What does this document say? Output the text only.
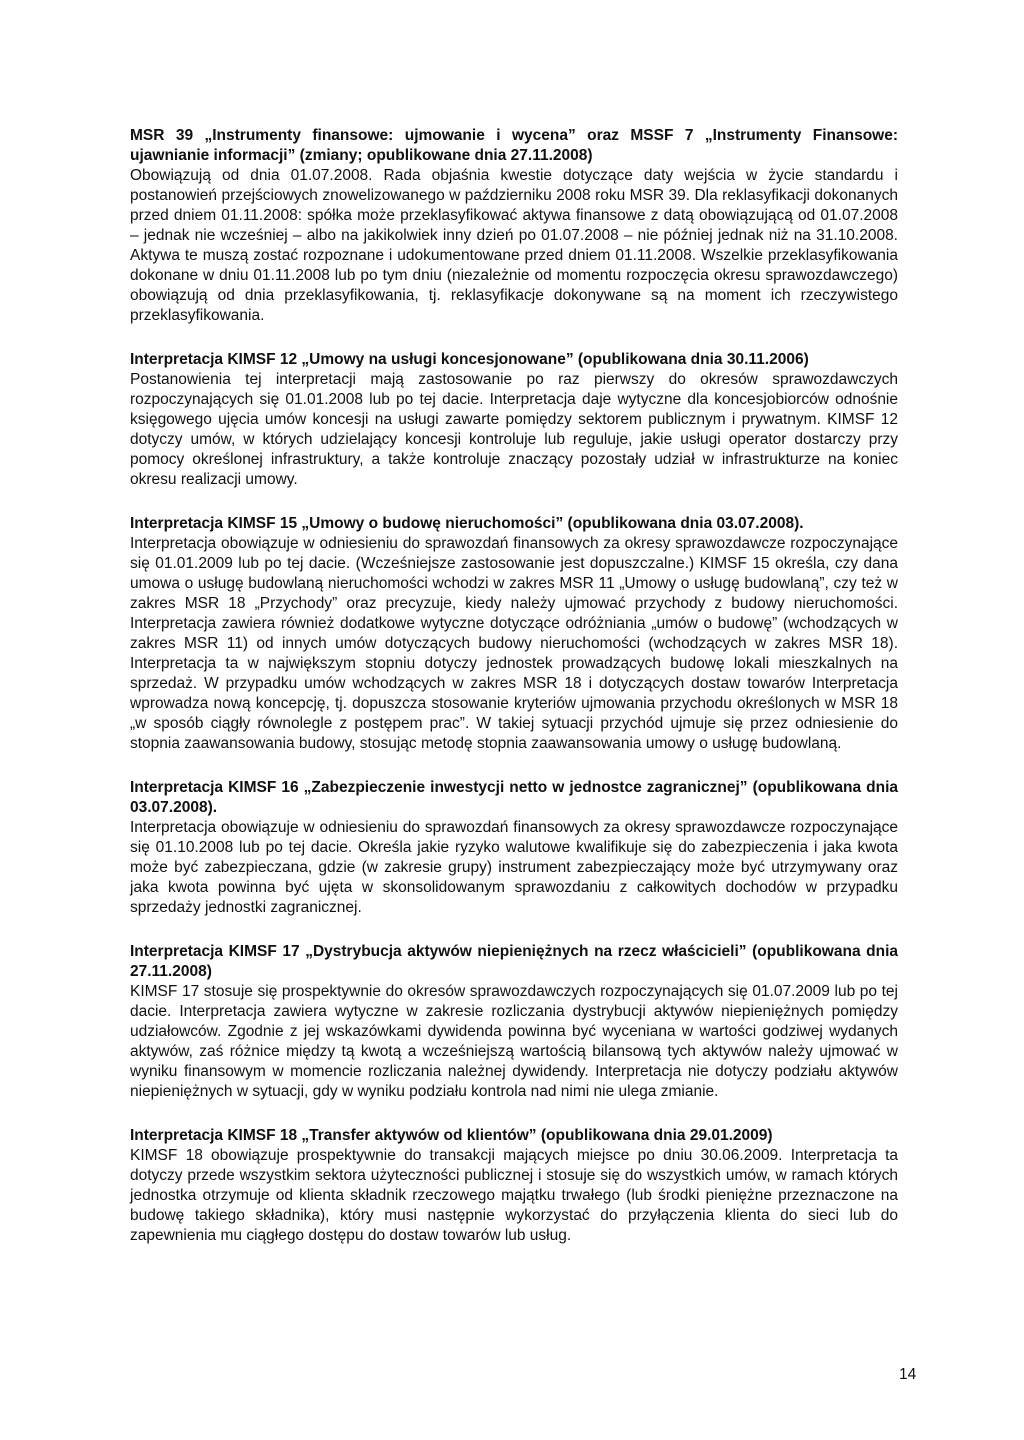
MSR 39 „Instrumenty finansowe: ujmowanie i wycena” oraz MSSF 7 „Instrumenty Finansowe: ujawnianie informacji” (zmiany; opublikowane dnia 27.11.2008)

Obowiązują od dnia 01.07.2008. Rada objaśnia kwestie dotyczące daty wejścia w życie standardu i postanowień przejściowych znowelizowanego w październiku 2008 roku MSR 39. Dla reklasyfikacji dokonanych przed dniem 01.11.2008: spółka może przeklasyfikować aktywa finansowe z datą obowiązującą od 01.07.2008 – jednak nie wcześniej – albo na jakikolwiek inny dzień po 01.07.2008 – nie później jednak niż na 31.10.2008. Aktywa te muszą zostać rozpoznane i udokumentowane przed dniem 01.11.2008. Wszelkie przeklasyfikowania dokonane w dniu 01.11.2008 lub po tym dniu (niezależnie od momentu rozpoczęcia okresu sprawozdawczego) obowiązują od dnia przeklasyfikowania, tj. reklasyfikacje dokonywane są na moment ich rzeczywistego przeklasyfikowania.

Interpretacja KIMSF 12 „Umowy na usługi koncesjonowane” (opublikowana dnia 30.11.2006)

Postanowienia tej interpretacji mają zastosowanie po raz pierwszy do okresów sprawozdawczych rozpoczynających się 01.01.2008 lub po tej dacie. Interpretacja daje wytyczne dla koncesjobiorców odnośnie księgowego ujęcia umów koncesji na usługi zawarte pomiędzy sektorem publicznym i prywatnym. KIMSF 12 dotyczy umów, w których udzielający koncesji kontroluje lub reguluje, jakie usługi operator dostarczy przy pomocy określonej infrastruktury, a także kontroluje znaczący pozostały udział w infrastrukturze na koniec okresu realizacji umowy.

Interpretacja KIMSF 15 „Umowy o budowę nieruchomości” (opublikowana dnia 03.07.2008).

Interpretacja obowiązuje w odniesieniu do sprawozdań finansowych za okresy sprawozdawcze rozpoczynające się 01.01.2009 lub po tej dacie. (Wcześniejsze zastosowanie jest dopuszczalne.) KIMSF 15 określa, czy dana umowa o usługę budowlaną nieruchomości wchodzi w zakres MSR 11 „Umowy o usługę budowlaną”, czy też w zakres MSR 18 „Przychody” oraz precyzuje, kiedy należy ujmować przychody z budowy nieruchomości. Interpretacja zawiera również dodatkowe wytyczne dotyczące odróżniania „umów o budowę” (wchodzących w zakres MSR 11) od innych umów dotyczących budowy nieruchomości (wchodzących w zakres MSR 18). Interpretacja ta w największym stopniu dotyczy jednostek prowadzących budowę lokali mieszkalnych na sprzedaż. W przypadku umów wchodzących w zakres MSR 18 i dotyczących dostaw towarów Interpretacja wprowadza nową koncepcję, tj. dopuszcza stosowanie kryteriów ujmowania przychodu określonych w MSR 18 „w sposób ciągły równolegle z postępem prac”. W takiej sytuacji przychód ujmuje się przez odniesienie do stopnia zaawansowania budowy, stosując metodę stopnia zaawansowania umowy o usługę budowlaną.

Interpretacja KIMSF 16 „Zabezpieczenie inwestycji netto w jednostce zagranicznej” (opublikowana dnia 03.07.2008).

Interpretacja obowiązuje w odniesieniu do sprawozdań finansowych za okresy sprawozdawcze rozpoczynające się 01.10.2008 lub po tej dacie. Określa jakie ryzyko walutowe kwalifikuje się do zabezpieczenia i jaka kwota może być zabezpieczana, gdzie (w zakresie grupy) instrument zabezpieczający może być utrzymywany oraz jaka kwota powinna być ujęta w skonsolidowanym sprawozdaniu z całkowitych dochodów w przypadku sprzedaży jednostki zagranicznej.

Interpretacja KIMSF 17 „Dystrybucja aktywów niepieniężnych na rzecz właścicieli” (opublikowana dnia 27.11.2008)

KIMSF 17 stosuje się prospektywnie do okresów sprawozdawczych rozpoczynających się 01.07.2009 lub po tej dacie. Interpretacja zawiera wytyczne w zakresie rozliczania dystrybucji aktywów niepieniężnych pomiędzy udziałowców. Zgodnie z jej wskazówkami dywidenda powinna być wyceniana w wartości godziwej wydanych aktywów, zaś różnice między tą kwotą a wcześniejszą wartością bilansową tych aktywów należy ujmować w wyniku finansowym w momencie rozliczania należnej dywidendy. Interpretacja nie dotyczy podziału aktywów niepieniężnych w sytuacji, gdy w wyniku podziału kontrola nad nimi nie ulega zmianie.

Interpretacja KIMSF 18 „Transfer aktywów od klientów” (opublikowana dnia 29.01.2009)

KIMSF 18 obowiązuje prospektywnie do transakcji mających miejsce po dniu 30.06.2009. Interpretacja ta dotyczy przede wszystkim sektora użyteczności publicznej i stosuje się do wszystkich umów, w ramach których jednostka otrzymuje od klienta składnik rzeczowego majątku trwałego (lub środki pieniężne przeznaczone na budowę takiego składnika), który musi następnie wykorzystać do przyłączenia klienta do sieci lub do zapewnienia mu ciągłego dostępu do dostaw towarów lub usług.

14
